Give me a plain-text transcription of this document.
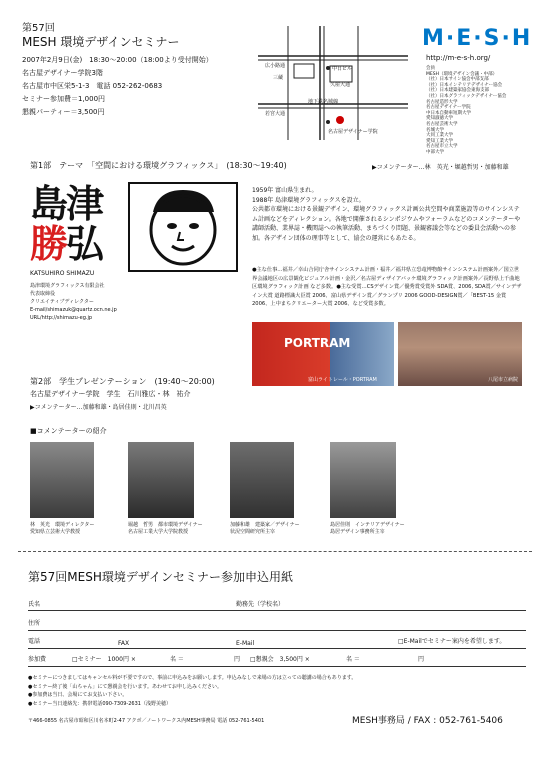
第57回
MESH 環境デザインセミナー
2007年2月9日(金)　18:30〜20:00（18:00より受付開始）
名古屋デザイナー学院3階
名古屋市中区栄5-1-3　電話 052-262-0683
セミナー参加費＝1,000円
懇親パーティー＝3,500円
広小路通
三蔵
中日ビル
久屋大通
地下鉄名城線
若宮大通
名古屋デザイナー学院
M·E·S·H
http://m-e-s-h.org/
会員
MESH（環境デザイン会議・中部）
（社）日本サイン協会中部支部
（社）日本インテリアデザイナー協会
（社）日本建築家協会東海支部
（社）日本グラフィックデザイナー協会
名古屋造形大学
名古屋デザイナー学院
中日本自動車短期大学
愛知淑徳大学
名古屋芸術大学
名城大学
大同工業大学
愛知工業大学
名古屋市立大学
中部大学
第1部　テーマ　「空間における環境グラフィックス」　(18:30〜19:40)	▶コメンテーター…林　英光・堀越哲男・加藤和雄
島津
勝弘
KATSUHIRO SHIMAZU
島津環境グラフィックス有限会社
代表取締役
クリエイティブディレクター
E-mail/shimazuk@quartz.ocn.ne.jp
URL/http://shimazu-eg.jp
1959年 富山県生まれ。
1988年 島津環境グラフィックスを設立。
公共都市環境における景観デザイン、環境グラフィックス計画公共空間や商業施設等のサインシステム計画などをディレクション。各地で開催されるシンポジウムやフォーラムなどのコメンテーターや講師活動、業界誌・機関誌への執筆活動、まちづくり問題、景観審議会等などの委員会活動への参加。各デザイン団体の理事等として、協会の運営にもあたる。
●主な仕事…福井／幸山合同庁舎サインシステム計画・福井／福井県立恐竜博物館サインシステム計画案外／国立世界会議地区の広景観化ビジュアル計画・金沢／名古屋ディザイアバッケ環境グラフィック計画案外／長野県上千曲地区環境グラフィック計画 など多数。●主な受賞…CSデザイン賞／優秀賞受賞外 SDA賞、2006, SDA賞／サインデザイン大賞 道路標識大臣賞 2006、富山県デザイン賞／グランプリ 2006 GOOD-DESIGN賞／「BEST-15 金賞 2006、上中まちクリエーター大賞 2006、など受賞多数。
PORTRAM
富山ライトレール・PORTRAM	八尾市立病院
第2部　学生プレゼンテーション　(19:40〜20:00)
名古屋デザイナー学院　学生　石川雅広・林　祐介
▶コメンテーター…加藤和雄・島居佳則・北川昌英
■コメンテーターの紹介
林　英光　環境ディレクター
愛知県立芸術大学教授
堀越　哲男　都市環境デザイナー
名古屋工業大学大学院教授
加藤和雄　建築家／デザイナー
状況空間研究所主宰
島居佳則　インテリアデザイナー
島居デザイン事務所主宰
第57回MESH環境デザインセミナー参加申込用紙
氏名	勤務先（学校名）
住所
電話	FAX	E-Mail	□E-Mailでセミナー案内を希望します。
参加費	□セミナー　1000円 ×	名 ＝	円 □懇親会　3,500円 ×	名 ＝	円
●セミナーにつきましてはキャンセル料が不要ですので、事前に申込みをお願いします。申込みなしで来場の方は立っての聴講の場合もあります。
●セミナー終了後「山ちゃん」にて懇親会を行います。あわせてお申し込みください。
●参加費は当日、会場にてお支払い下さい。
●セミナー当日連絡先：携帯電話090-7309-2631（浅野美穂）
〒466-0855 名古屋市昭和区川名本町2-47 アクボ／ノートワークス内MESH事務局 電話 052-761-5401	MESH事務局 / FAX : 052-761-5406
